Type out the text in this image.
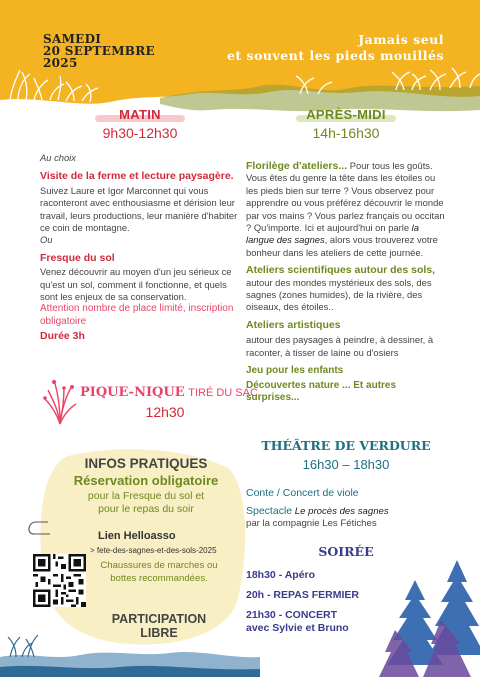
SAMEDI
20 SEPTEMBRE
2025
Jamais seul
et souvent les pieds mouillés
MATIN
9h30-12h30
Au choix
Visite de la ferme et lecture paysagère.
Suivez Laure et Igor Marconnet qui vous raconteront avec enthousiasme et dérision leur travail, leurs productions, leur manière d'habiter ce coin de montagne.
Ou
Fresque du sol
Venez découvrir au moyen d'un jeu sérieux ce qu'est un sol, comment il fonctionne, et quels sont les enjeux de sa conservation.
Attention nombre de place limité, inscription obligatoire
Durée 3h
PIQUE-NIQUE TIRÉ DU SAC
12h30
INFOS PRATIQUES
Réservation obligatoire
pour la Fresque du sol et pour le repas du soir
Lien Helloasso
> fete-des-sagnes-et-des-sols-2025
Chaussures de marches ou bottes recommandées.
PARTICIPATION LIBRE
APRÈS-MIDI
14h-16h30
Florilège d'ateliers... Pour tous les goûts. Vous êtes du genre la tête dans les étoiles ou les pieds bien sur terre ? Vous observez pour apprendre ou vous préférez découvrir le monde par vos mains ? Vous parlez français ou occitan ? Qu'importe. Ici et aujourd'hui on parle la langue des sagnes, alors vous trouverez votre bonheur dans les ateliers de cette journée.
Ateliers scientifiques autour des sols, autour des mondes mystérieux des sols, des sagnes (zones humides), de la rivière, des oiseaux, des étoiles..
Ateliers artistiques
autour des paysages à peindre, à dessiner, à raconter, à tisser de laine ou d'osiers
Jeu pour les enfants
Découvertes nature ... Et autres surprises...
THÉÂTRE DE VERDURE
16h30 – 18h30
Conte / Concert de viole
Spectacle Le procès des sagnes
par la compagnie Les Fétiches
SOIRÉE
18h30 - Apéro
20h - REPAS FERMIER
21h30 - CONCERT
avec Sylvie et Bruno
